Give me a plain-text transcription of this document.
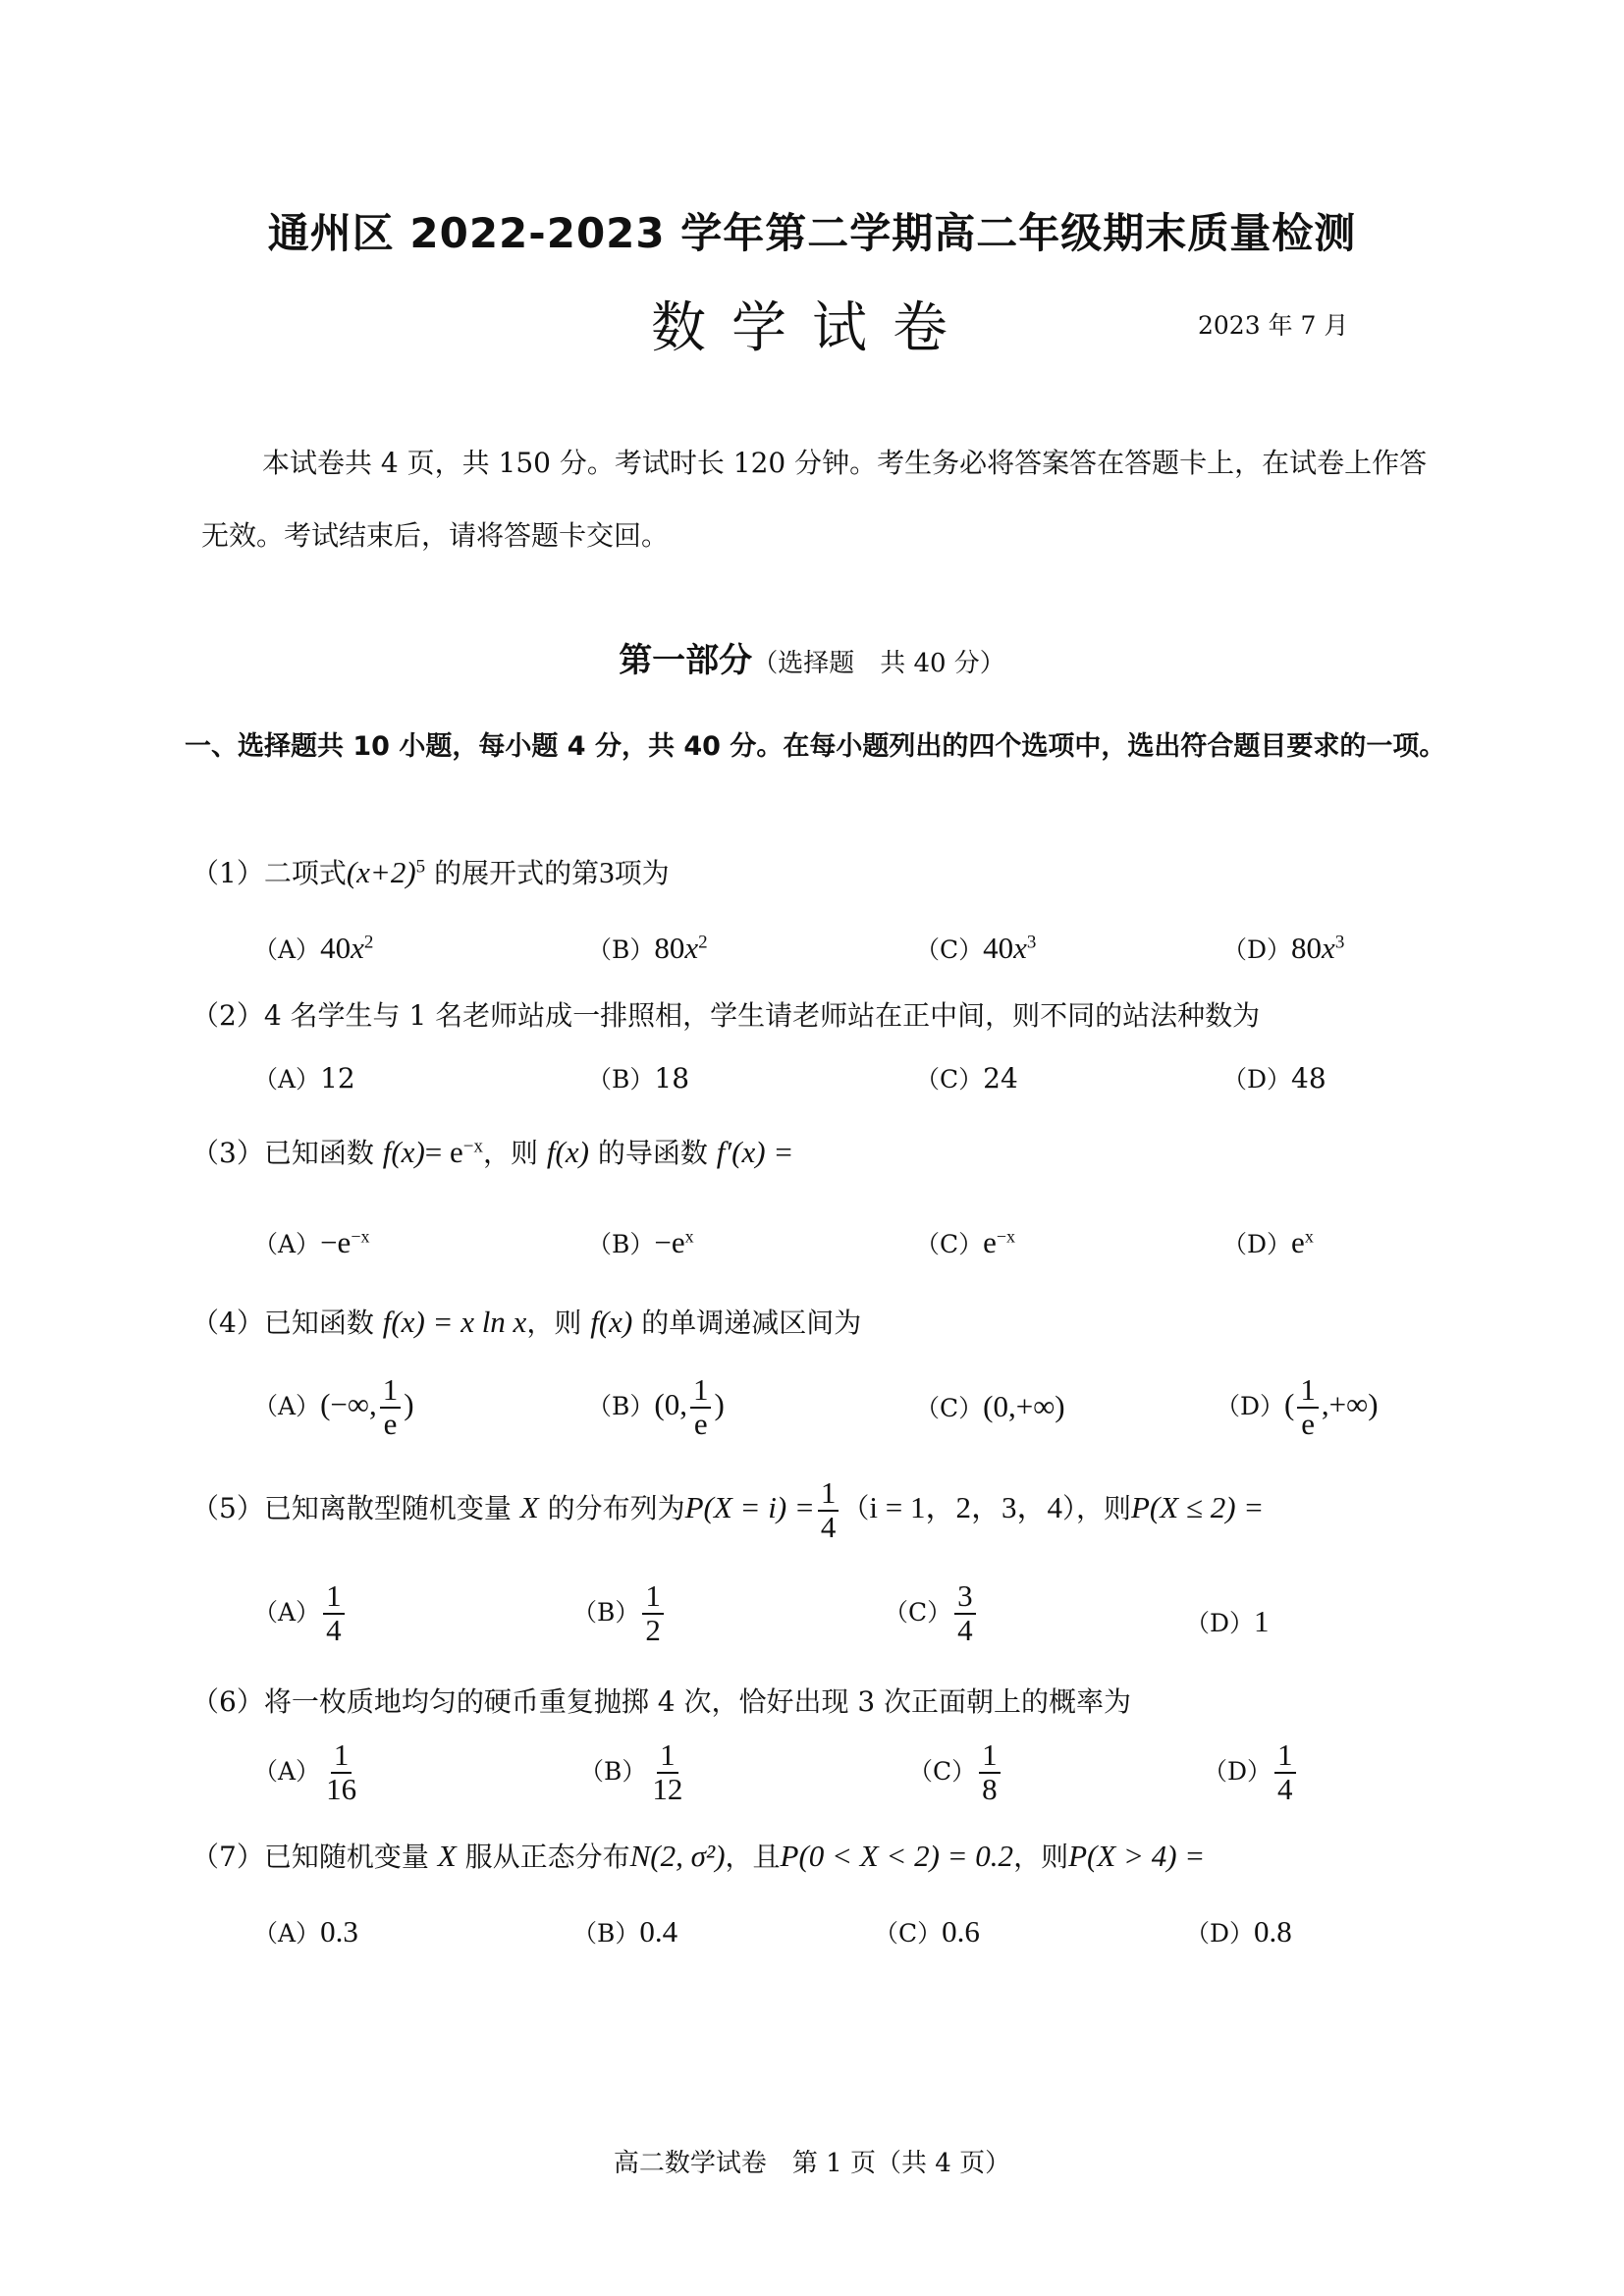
通州区 2022-2023 学年第二学期高二年级期末质量检测
数学试卷	2023 年 7 月
本试卷共 4 页，共 150 分。考试时长 120 分钟。考生务必将答案答在答题卡上，在试卷上作答无效。考试结束后，请将答题卡交回。
第一部分（选择题　共 40 分）
一、选择题共 10 小题，每小题 4 分，共 40 分。在每小题列出的四个选项中，选出符合题目要求的一项。
（1）二项式$(x+2)^5$ 的展开式的第3项为
$(A)40x^2$	$(B)80x^2$	$(C)40x^3$	$(D)80x^3$
（2）4 名学生与 1 名老师站成一排照相，学生请老师站在正中间，则不同的站法种数为
（A）12	（B）18	（C）24	（D）48
（3）已知函数 $f(x)= e^{-x}$，则 f(x) 的导函数 f′(x) =
$(A)-e^{-x}$	$(B)-e^x$	$(C)e^{-x}$	$(D)e^x$
（4）已知函数 f(x) = x ln x，则 f(x) 的单调递减区间为
（A）(−∞, $\frac{1}{e}$ )	（B）(0, $\frac{1}{e}$ )	（C）(0,+∞)	$(D)( \frac{1}{e}$ ,+∞)
（5）已知离散型随机变量 X 的分布列为$P(X = i) = \frac{1}{4} (i = 1$，2，3，4），则P(X ≤ 2) =
$(A) \frac{1}{4}$	$(B) \frac{1}{2}$	$(C) \frac{3}{4}$	（D）1
（6）将一枚质地均匀的硬币重复抛掷 4 次，恰好出现 3 次正面朝上的概率为
$(A) \frac{1}{16}$	$(B) \frac{1}{12}$	$(C) \frac{1}{8}$	$(D) \frac{1}{4}$
（7）已知随机变量 X 服从正态分布N(2, σ²)，且P(0 < X < 2) = 0.2，则P(X > 4) =
（A）0.3	（B）0.4	（C）0.6	（D）0.8
高二数学试卷　第 1 页（共 4 页）
